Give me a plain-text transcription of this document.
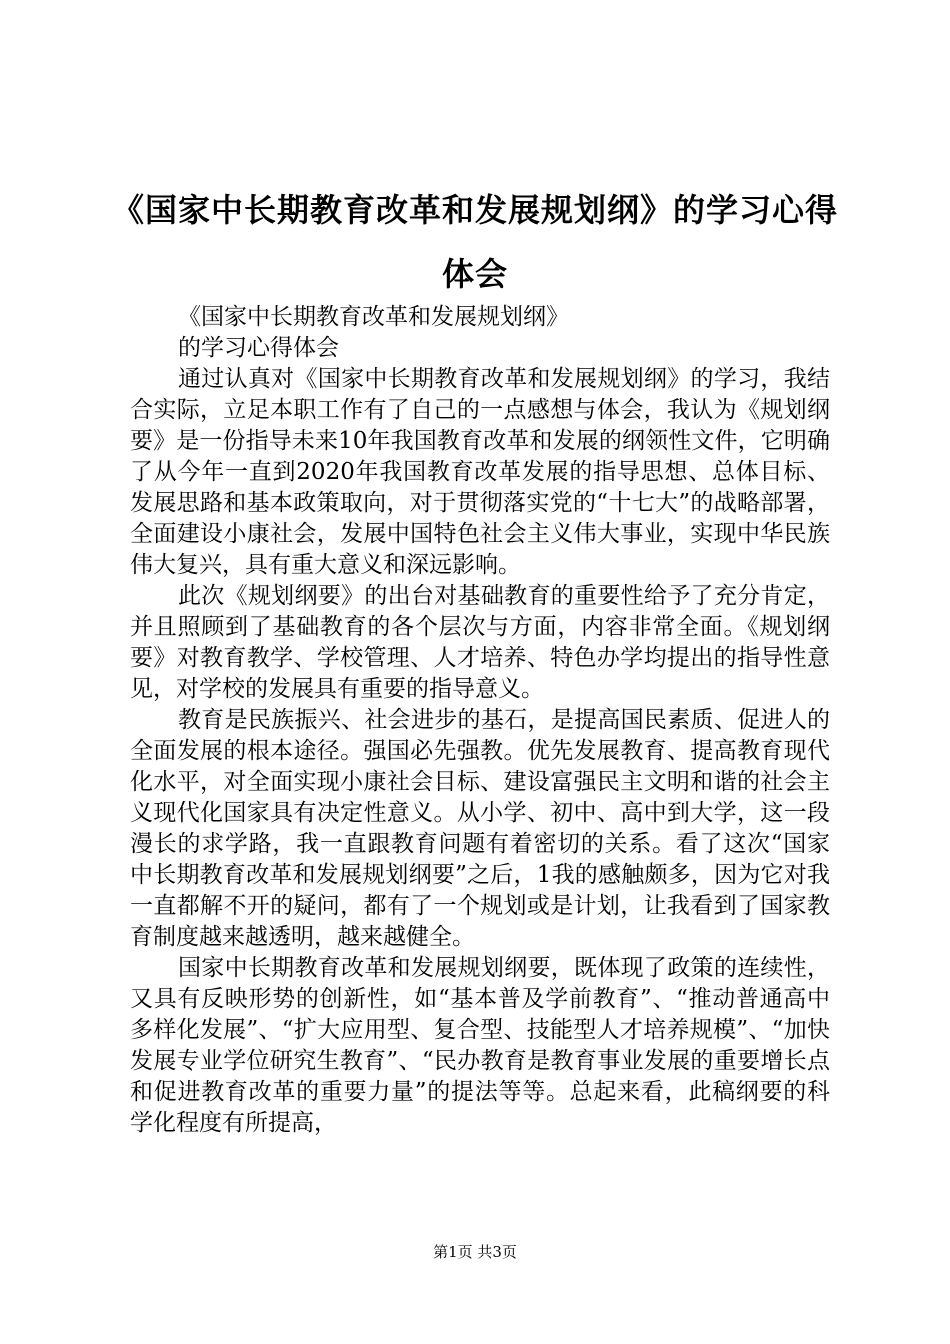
《国家中长期教育改革和发展规划纲》的学习心得体会

《国家中长期教育改革和发展规划纲》

的学习心得体会

通过认真对《国家中长期教育改革和发展规划纲》的学习，我结合实际，立足本职工作有了自己的一点感想与体会，我认为《规划纲要》是一份指导未来10年我国教育改革和发展的纲领性文件，它明确了从今年一直到2020年我国教育改革发展的指导思想、总体目标、发展思路和基本政策取向，对于贯彻落实党的“十七大”的战略部署，全面建设小康社会，发展中国特色社会主义伟大事业，实现中华民族伟大复兴，具有重大意义和深远影响。

此次《规划纲要》的出台对基础教育的重要性给予了充分肯定，并且照顾到了基础教育的各个层次与方面，内容非常全面。《规划纲要》对教育教学、学校管理、人才培养、特色办学均提出的指导性意见，对学校的发展具有重要的指导意义。

教育是民族振兴、社会进步的基石，是提高国民素质、促进人的全面发展的根本途径。强国必先强教。优先发展教育、提高教育现代化水平，对全面实现小康社会目标、建设富强民主文明和谐的社会主义现代化国家具有决定性意义。从小学、初中、高中到大学，这一段漫长的求学路，我一直跟教育问题有着密切的关系。看了这次“国家中长期教育改革和发展规划纲要”之后，1我的感触颇多，因为它对我一直都解不开的疑问，都有了一个规划或是计划，让我看到了国家教育制度越来越透明，越来越健全。

国家中长期教育改革和发展规划纲要，既体现了政策的连续性，又具有反映形势的创新性，如“基本普及学前教育”、“推动普通高中多样化发展”、“扩大应用型、复合型、技能型人才培养规模”、“加快发展专业学位研究生教育”、“民办教育是教育事业发展的重要增长点和促进教育改革的重要力量”的提法等等。总起来看，此稿纲要的科学化程度有所提高，

第1页 共3页
